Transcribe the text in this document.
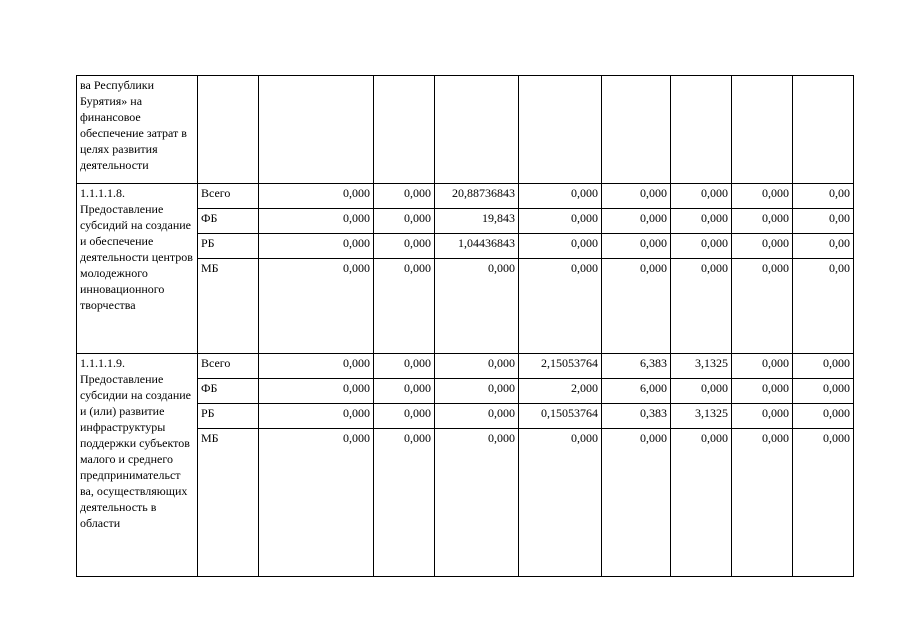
ва Республики Бурятия» на финансовое обеспечение затрат в целях развития деятельности									
1.1.1.1.8. Предоставление субсидий на создание и обеспечение деятельности центров молодежного инновационного творчества	Всего	0,000	0,000	20,88736843	0,000	0,000	0,000	0,000	0,00
	ФБ	0,000	0,000	19,843	0,000	0,000	0,000	0,000	0,00
	РБ	0,000	0,000	1,04436843	0,000	0,000	0,000	0,000	0,00
	МБ	0,000	0,000	0,000	0,000	0,000	0,000	0,000	0,00
1.1.1.1.9. Предоставление субсидии на создание и (или) развитие инфраструктуры поддержки субъектов малого и среднего предпринимательст ва, осуществляющих деятельность в области	Всего	0,000	0,000	0,000	2,15053764	6,383	3,1325	0,000	0,000
	ФБ	0,000	0,000	0,000	2,000	6,000	0,000	0,000	0,000
	РБ	0,000	0,000	0,000	0,15053764	0,383	3,1325	0,000	0,000
	МБ	0,000	0,000	0,000	0,000	0,000	0,000	0,000	0,000
